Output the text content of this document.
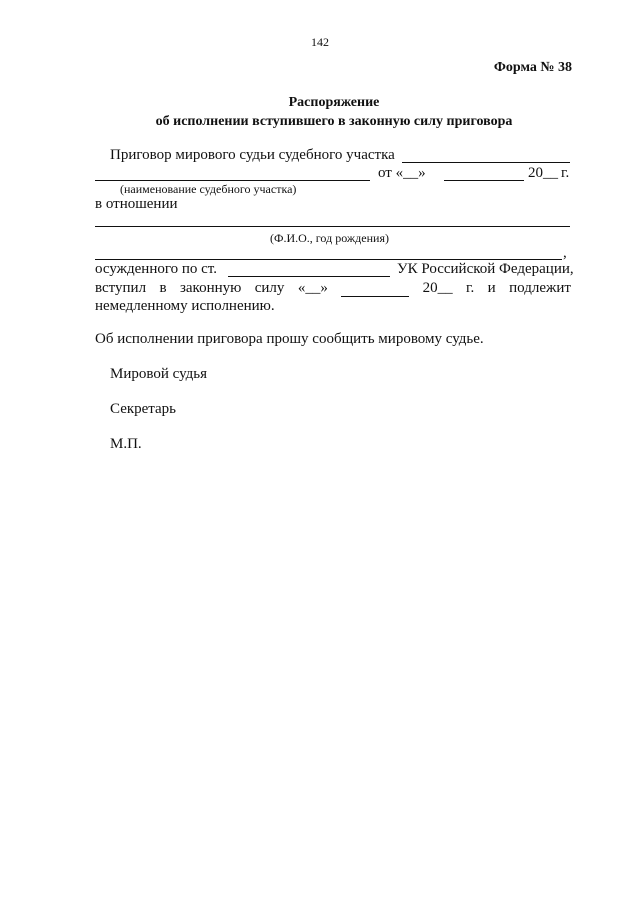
142
Форма № 38
Распоряжение
об исполнении вступившего в законную силу приговора
Приговор мирового судьи судебного участка
от «__»	20__ г.
(наименование судебного участка)
в отношении
(Ф.И.О., год рождения)
,
осужденного по ст.	УК Российской Федерации,
вступил в законную силу «__»	20__ г. и подлежит
немедленному исполнению.
Об исполнении приговора прошу сообщить мировому судье.
Мировой судья
Секретарь
М.П.
